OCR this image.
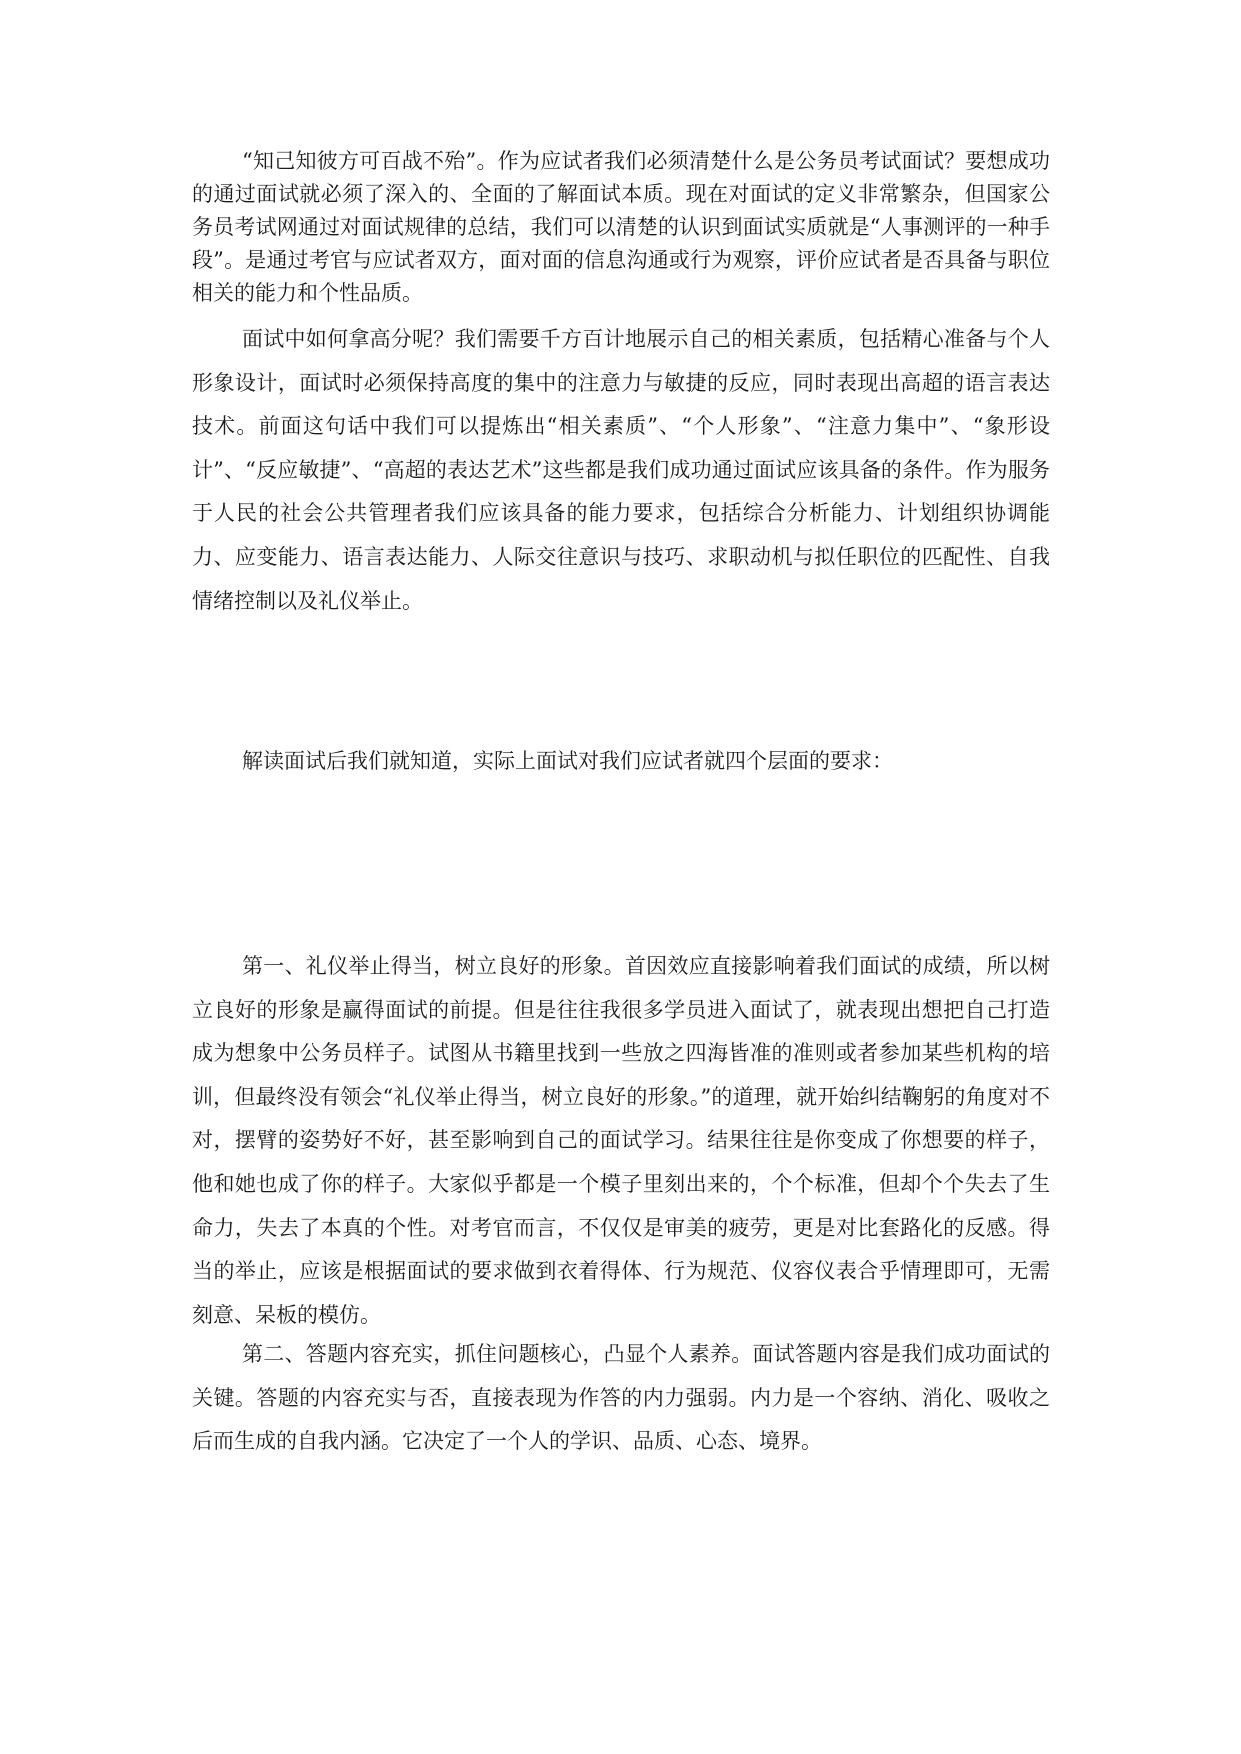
“知己知彼方可百战不殆”。作为应试者我们必须清楚什么是公务员考试面试？要想成功的通过面试就必须了深入的、全面的了解面试本质。现在对面试的定义非常繁杂，但国家公务员考试网通过对面试规律的总结，我们可以清楚的认识到面试实质就是“人事测评的一种手段”。是通过考官与应试者双方，面对面的信息沟通或行为观察，评价应试者是否具备与职位相关的能力和个性品质。

面试中如何拿高分呢？我们需要千方百计地展示自己的相关素质，包括精心准备与个人形象设计，面试时必须保持高度的集中的注意力与敏捷的反应，同时表现出高超的语言表达技术。前面这句话中我们可以提炼出“相关素质”、“个人形象”、“注意力集中”、“象形设计”、“反应敏捷”、“高超的表达艺术”这些都是我们成功通过面试应该具备的条件。作为服务于人民的社会公共管理者我们应该具备的能力要求，包括综合分析能力、计划组织协调能力、应变能力、语言表达能力、人际交往意识与技巧、求职动机与拟任职位的匹配性、自我情绪控制以及礼仪举止。

解读面试后我们就知道，实际上面试对我们应试者就四个层面的要求：

第一、礼仪举止得当，树立良好的形象。首因效应直接影响着我们面试的成绩，所以树立良好的形象是赢得面试的前提。但是往往我很多学员进入面试了，就表现出想把自己打造成为想象中公务员样子。试图从书籍里找到一些放之四海皆准的准则或者参加某些机构的培训，但最终没有领会“礼仪举止得当，树立良好的形象。”的道理，就开始纠结鞠躬的角度对不对，摆臂的姿势好不好，甚至影响到自己的面试学习。结果往往是你变成了你想要的样子，他和她也成了你的样子。大家似乎都是一个模子里刻出来的，个个标准，但却个个失去了生命力，失去了本真的个性。对考官而言，不仅仅是审美的疲劳，更是对比套路化的反感。得当的举止，应该是根据面试的要求做到衣着得体、行为规范、仪容仪表合乎情理即可，无需刻意、呆板的模仿。

第二、答题内容充实，抓住问题核心，凸显个人素养。面试答题内容是我们成功面试的关键。答题的内容充实与否，直接表现为作答的内力强弱。内力是一个容纳、消化、吸收之后而生成的自我内涵。它决定了一个人的学识、品质、心态、境界。
